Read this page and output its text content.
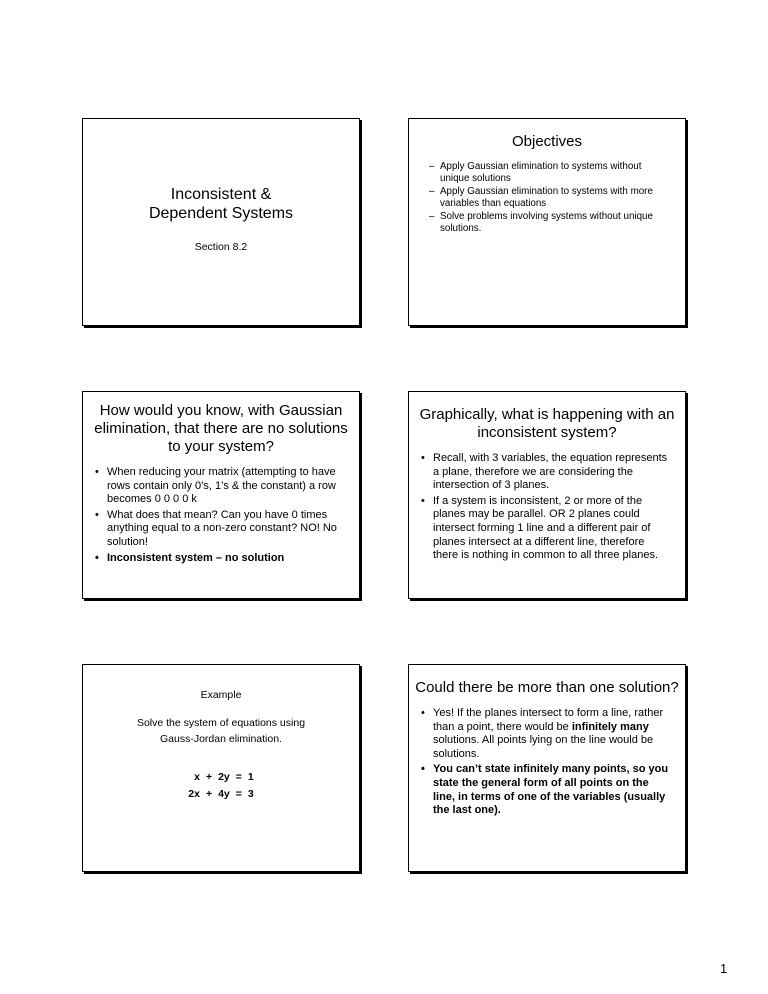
Inconsistent &
Dependent Systems
Section 8.2
Objectives
– Apply Gaussian elimination to systems without unique solutions
– Apply Gaussian elimination to systems with more variables than equations
– Solve problems involving systems without unique solutions.
How would you know, with Gaussian elimination, that there are no solutions to your system?
• When reducing your matrix (attempting to have rows contain only 0’s, 1’s & the constant) a row becomes 0 0 0 0 k
• What does that mean? Can you have 0 times anything equal to a non-zero constant? NO! No solution!
• Inconsistent system – no solution
Graphically, what is happening with an inconsistent system?
• Recall, with 3 variables, the equation represents a plane, therefore we are considering the intersection of 3 planes.
• If a system is inconsistent, 2 or more of the planes may be parallel. OR 2 planes could intersect forming 1 line and a different pair of planes intersect at a different line, therefore there is nothing in common to all three planes.
Example
Solve the system of equations using
Gauss-Jordan elimination.
x	+	2y	=	1
2x	+	4y	=	3
Could there be more than one solution?
• Yes! If the planes intersect to form a line, rather than a point, there would be infinitely many solutions. All points lying on the line would be solutions.
• You can’t state infinitely many points, so you state the general form of all points on the line, in terms of one of the variables (usually the last one).
1
